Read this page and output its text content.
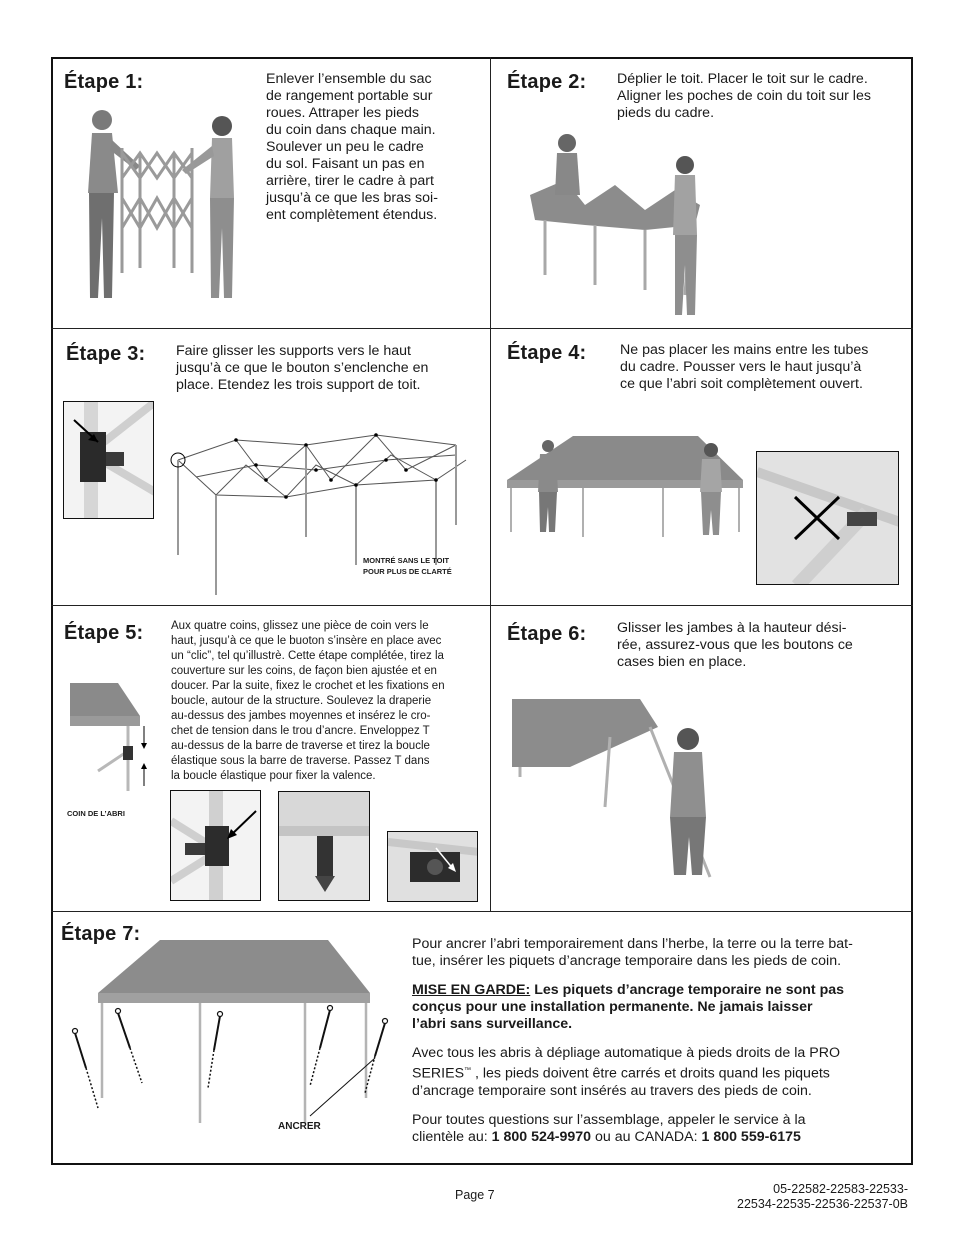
Étape 1:	Enlever l’ensemble du sac

de rangement portable sur

roues. Attraper les pieds

du coin dans chaque main.

Soulever un peu le cadre

du sol. Faisant un pas en

arrière, tirer le cadre à part

jusqu’à ce que les bras soi-

ent complètement étendus.

Étape 2: Déplier le toit. Placer le toit sur le cadre.

Aligner les poches de coin du toit sur les

pieds du cadre.

Étape 3: Faire glisser les supports vers le haut

jusqu’à ce que le bouton s’enclenche en

place. Etendez les trois support de toit.

MONTRÉ SANS LE TOIT
POUR PLUS DE CLARTÉ
Étape 4: Ne pas placer les mains entre les tubes

du cadre. Pousser vers le haut jusqu’à

ce que l’abri soit complètement ouvert.

Étape 5: Aux quatre coins, glissez une pièce de coin vers le

haut, jusqu’à ce que le buoton s’insère en place avec

un “clic”, tel qu’illustrè. Cette étape complétée, tirez la

couverture sur les coins, de façon bien ajustée et en

doucer. Par la suite, fixez le crochet et les fixations en

boucle, autour de la structure. Soulevez la draperie

au-dessus des jambes moyennes et insérez le cro-

chet de tension dans le trou d’ancre. Enveloppez T

au-dessus de la barre de traverse et tirez la boucle

élastique sous la barre de traverse. Passez T dans

la boucle élastique pour fixer la valence.

COIN DE L’ABRI
Étape 6: Glisser les jambes à la hauteur dési-

rée, assurez-vous que les boutons ce

cases bien en place.

Étape 7:
ANCRER

Pour ancrer l’abri temporairement dans l’herbe, la terre ou la terre bat-

tue, insérer les piquets d’ancrage temporaire dans les pieds de coin.

MISE EN GARDE: Les piquets d’ancrage temporaire ne sont pas

conçus pour une installation permanente. Ne jamais laisser

l’abri sans surveillance.

Avec tous les abris à dépliage automatique à pieds droits de la PRO

SERIES™ , les pieds doivent être carrés et droits quand les piquets

d’ancrage temporaire sont insérés au travers des pieds de coin.

Pour toutes questions sur l’assemblage, appeler le service à la

clientèle au: 1 800 524-9970 ou au CANADA: 1 800 559-6175

Page 7	05-22582-22583-22533-
22534-22535-22536-22537-0B
